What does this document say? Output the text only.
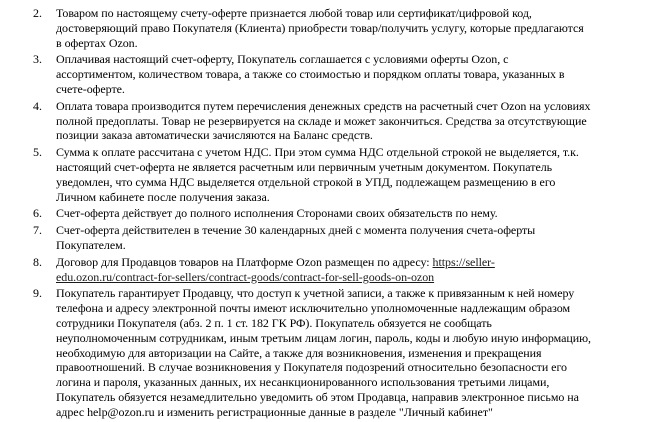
2. Товаром по настоящему счету-оферте признается любой товар или сертификат/цифровой код,
достоверяющий право Покупателя (Клиента) приобрести товар/получить услугу, которые предлагаются
в офертах Ozon.
3. Оплачивая настоящий счет-оферту, Покупатель соглашается с условиями оферты Ozon, с
ассортиментом, количеством товара, а также со стоимостью и порядком оплаты товара, указанных в
счете-оферте.
4. Оплата товара производится путем перечисления денежных средств на расчетный счет Ozon на условиях
полной предоплаты. Товар не резервируется на складе и может закончиться. Средства за отсутствующие
позиции заказа автоматически зачисляются на Баланс средств.
5. Сумма к оплате рассчитана с учетом НДС. При этом сумма НДС отдельной строкой не выделяется, т.к.
настоящий счет-оферта не является расчетным или первичным учетным документом. Покупатель
уведомлен, что сумма НДС выделяется отдельной строкой в УПД, подлежащем размещению в его
Личном кабинете после получения заказа.
6. Счет-оферта действует до полного исполнения Сторонами своих обязательств по нему.
7. Счет-оферта действителен в течение 30 календарных дней с момента получения счета-оферты
Покупателем.
8. Договор для Продавцов товаров на Платформе Ozon размещен по адресу: https://seller-
edu.ozon.ru/contract-for-sellers/contract-goods/contract-for-sell-goods-on-ozon
9. Покупатель гарантирует Продавцу, что доступ к учетной записи, а также к привязанным к ней номеру
телефона и адресу электронной почты имеют исключительно уполномоченные надлежащим образом
сотрудники Покупателя (абз. 2 п. 1 ст. 182 ГК РФ). Покупатель обязуется не сообщать
неуполномоченным сотрудникам, иным третьим лицам логин, пароль, коды и любую иную информацию,
необходимую для авторизации на Сайте, а также для возникновения, изменения и прекращения
правоотношений. В случае возникновения у Покупателя подозрений относительно безопасности его
логина и пароля, указанных данных, их несанкционированного использования третьими лицами,
Покупатель обязуется незамедлительно уведомить об этом Продавца, направив электронное письмо на
адрес help@ozon.ru и изменить регистрационные данные в разделе "Личный кабинет"
